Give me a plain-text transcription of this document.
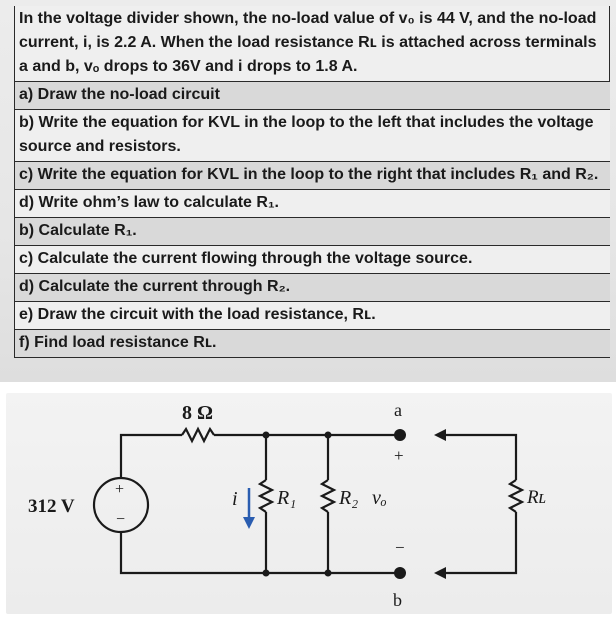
In the voltage divider shown, the no-load value of v₀ is 44 V, and the no-load current, i, is 2.2 A. When the load resistance Rʟ is attached across terminals a and b, vₒ drops to 36V and i drops to 1.8 A.
a) Draw the no-load circuit
b) Write the equation for KVL in the loop to the left that includes the voltage source and resistors.
c) Write the equation for KVL in the loop to the right that includes R₁ and R₂.
d) Write ohm’s law to calculate R₁.
b) Calculate R₁.
c) Calculate the current flowing through the voltage source.
d) Calculate the current through R₂.
e) Draw the circuit with the load resistance, Rʟ.
f) Find load resistance Rʟ.
8 Ω
312 V
+
−
i R₁ R₂ vₒ
a
b
+
−
Rʟ
